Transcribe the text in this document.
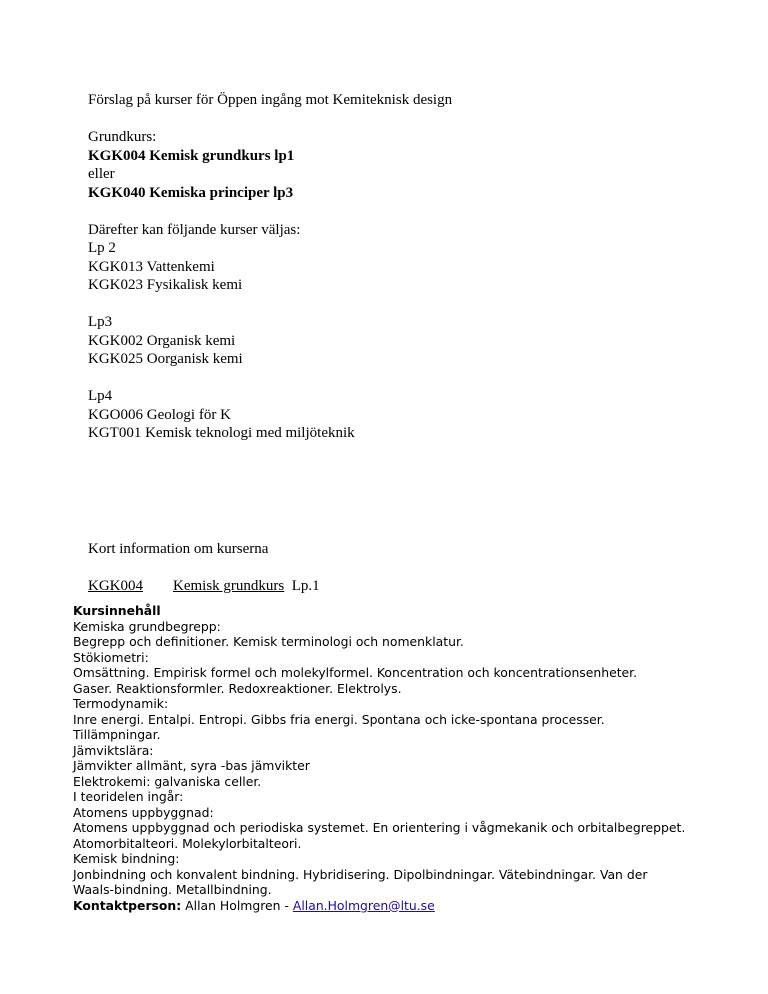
Förslag på kurser för Öppen ingång mot Kemiteknisk design
Grundkurs:
KGK004 Kemisk grundkurs lp1
eller
KGK040 Kemiska principer lp3
Därefter kan följande kurser väljas:
Lp 2
KGK013 Vattenkemi
KGK023 Fysikalisk kemi
Lp3
KGK002 Organisk kemi
KGK025 Oorganisk kemi
Lp4
KGO006 Geologi för K
KGT001 Kemisk teknologi med miljöteknik
Kort information om kurserna
KGK004 Kemisk grundkurs Lp.1
Kursinnehåll
Kemiska grundbegrepp:
Begrepp och definitioner. Kemisk terminologi och nomenklatur.
Stökiometri:
Omsättning. Empirisk formel och molekylformel. Koncentration och koncentrationsenheter.
Gaser. Reaktionsformler. Redoxreaktioner. Elektrolys.
Termodynamik:
Inre energi. Entalpi. Entropi. Gibbs fria energi. Spontana och icke-spontana processer.
Tillämpningar.
Jämviktslära:
Jämvikter allmänt, syra -bas jämvikter
Elektrokemi: galvaniska celler.
I teoridelen ingår:
Atomens uppbyggnad:
Atomens uppbyggnad och periodiska systemet. En orientering i vågmekanik och orbitalbegreppet.
Atomorbitalteori. Molekylorbitalteori.
Kemisk bindning:
Jonbindning och konvalent bindning. Hybridisering. Dipolbindningar. Vätebindningar. Van der
Waals-bindning. Metallbindning.
Kontaktperson: Allan Holmgren - Allan.Holmgren@ltu.se
